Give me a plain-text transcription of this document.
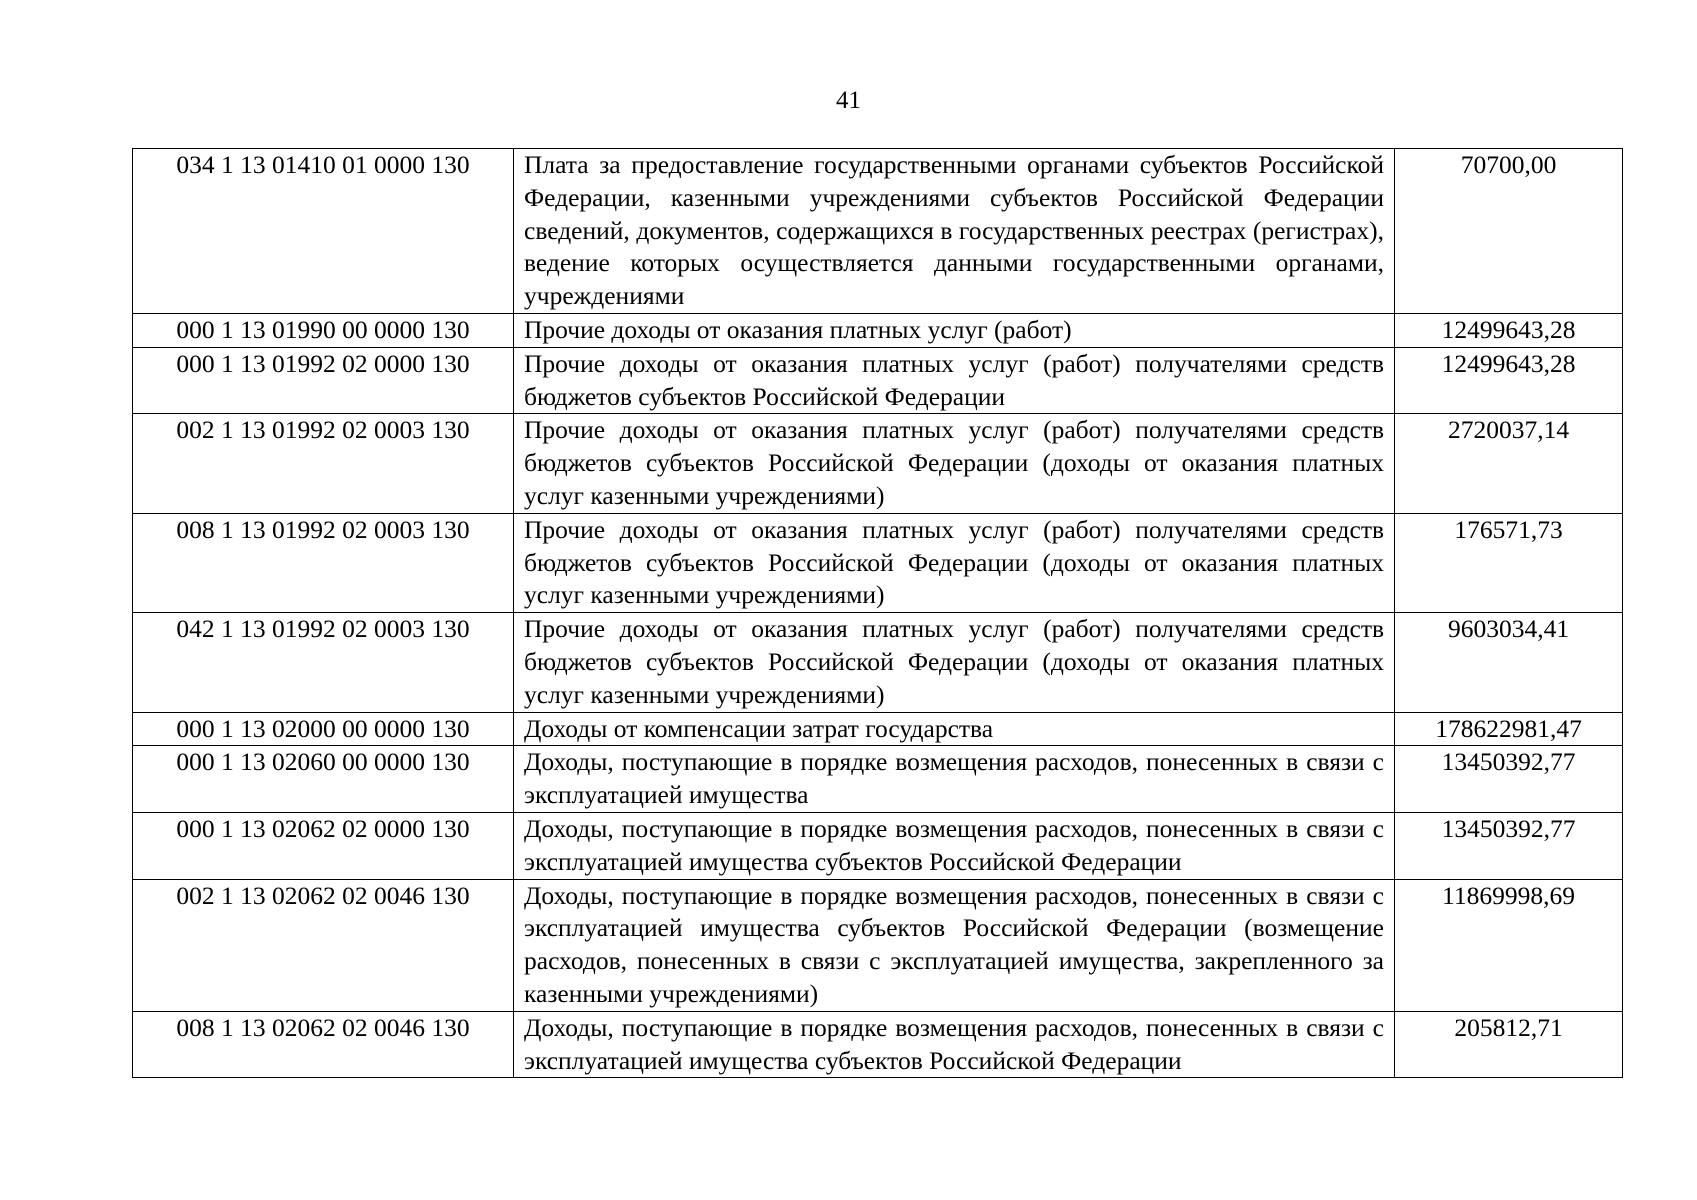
41
034 1 13 01410 01 0000 130	Плата за предоставление государственными органами субъектов Российской Федерации, казенными учреждениями субъектов Российской Федерации сведений, документов, содержащихся в государственных реестрах (регистрах), ведение которых осуществляется данными государственными органами, учреждениями	70700,00
000 1 13 01990 00 0000 130	Прочие доходы от оказания платных услуг (работ)	12499643,28
000 1 13 01992 02 0000 130	Прочие доходы от оказания платных услуг (работ) получателями средств бюджетов субъектов Российской Федерации	12499643,28
002 1 13 01992 02 0003 130	Прочие доходы от оказания платных услуг (работ) получателями средств бюджетов субъектов Российской Федерации (доходы от оказания платных услуг казенными учреждениями)	2720037,14
008 1 13 01992 02 0003 130	Прочие доходы от оказания платных услуг (работ) получателями средств бюджетов субъектов Российской Федерации (доходы от оказания платных услуг казенными учреждениями)	176571,73
042 1 13 01992 02 0003 130	Прочие доходы от оказания платных услуг (работ) получателями средств бюджетов субъектов Российской Федерации (доходы от оказания платных услуг казенными учреждениями)	9603034,41
000 1 13 02000 00 0000 130	Доходы от компенсации затрат государства	178622981,47
000 1 13 02060 00 0000 130	Доходы, поступающие в порядке возмещения расходов, понесенных в связи с эксплуатацией имущества	13450392,77
000 1 13 02062 02 0000 130	Доходы, поступающие в порядке возмещения расходов, понесенных в связи с эксплуатацией имущества субъектов Российской Федерации	13450392,77
002 1 13 02062 02 0046 130	Доходы, поступающие в порядке возмещения расходов, понесенных в связи с эксплуатацией имущества субъектов Российской Федерации (возмещение расходов, понесенных в связи с эксплуатацией имущества, закрепленного за казенными учреждениями)	11869998,69
008 1 13 02062 02 0046 130	Доходы, поступающие в порядке возмещения расходов, понесенных в связи с эксплуатацией имущества субъектов Российской Федерации	205812,71
